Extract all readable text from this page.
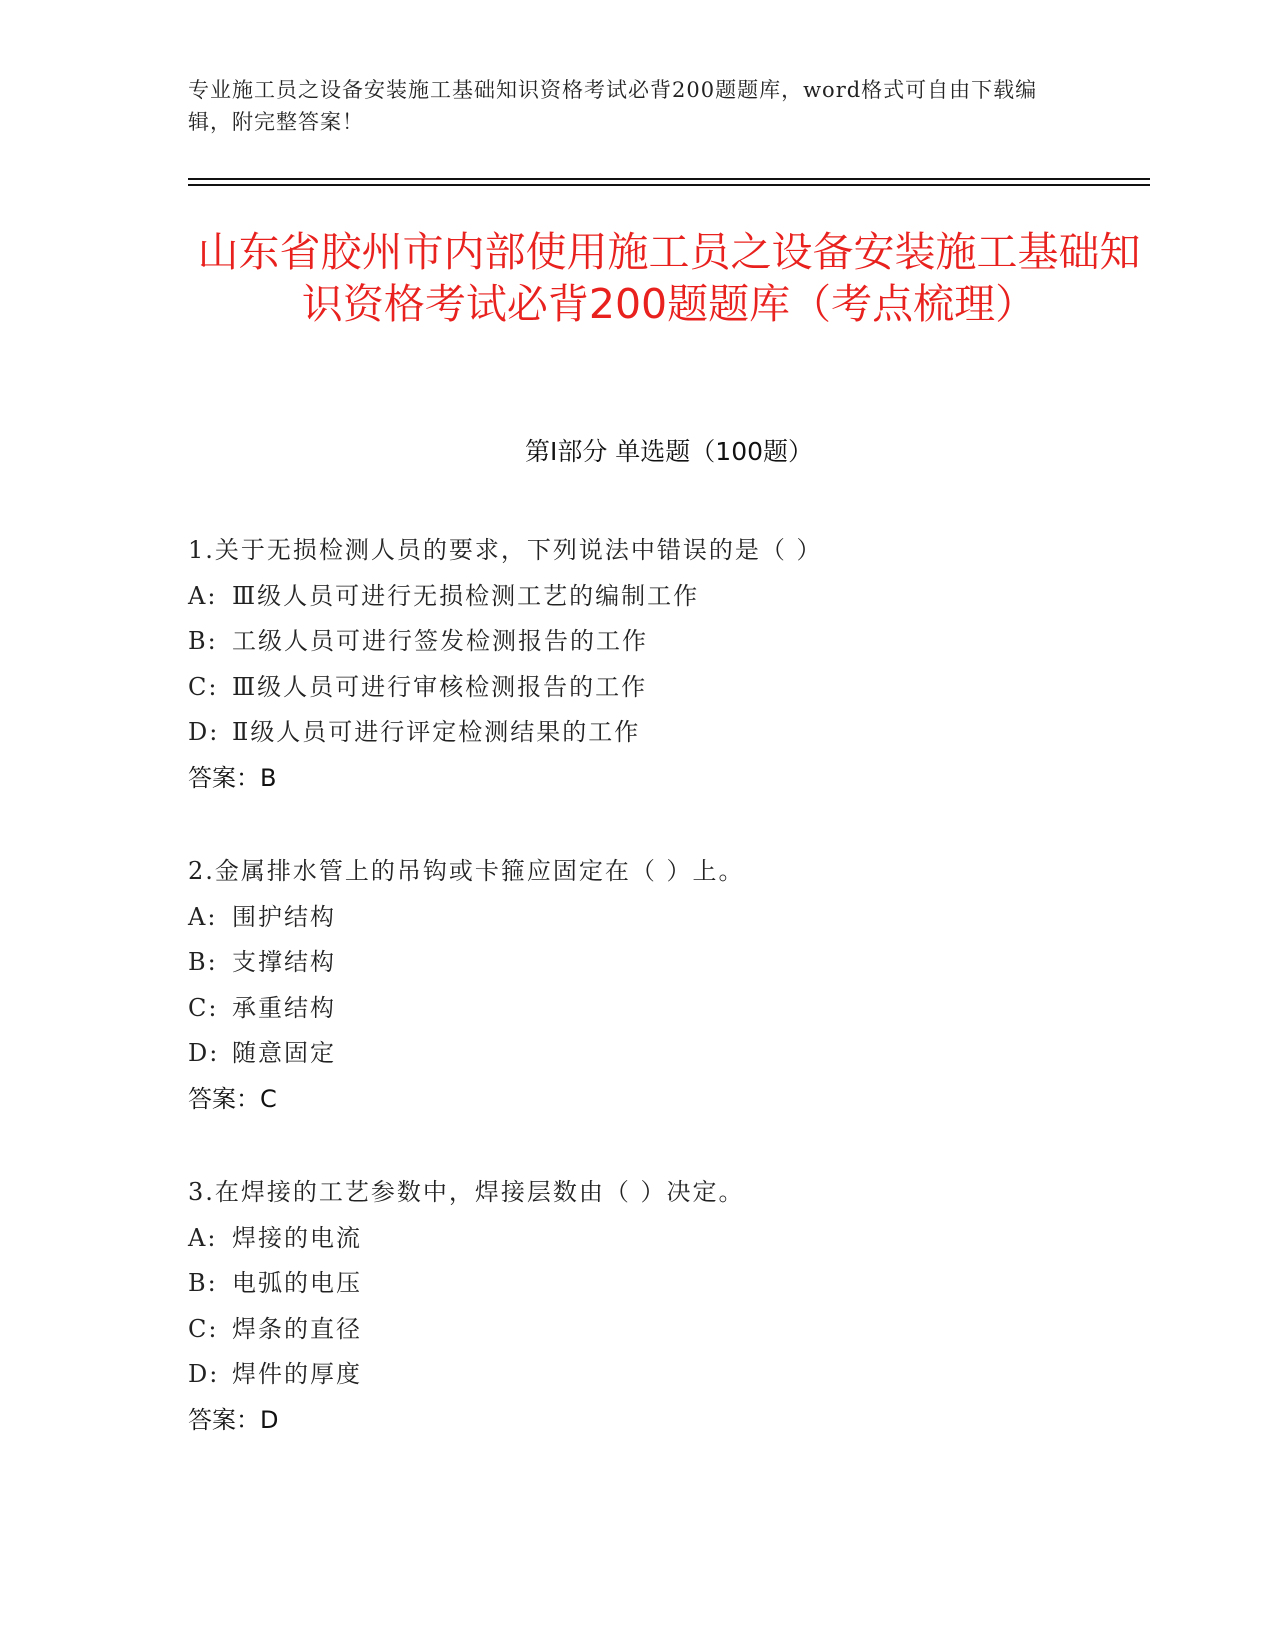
专业施工员之设备安装施工基础知识资格考试必背200题题库，word格式可自由下载编辑，附完整答案！
山东省胶州市内部使用施工员之设备安装施工基础知识资格考试必背200题题库（考点梳理）
第Ⅰ部分 单选题（100题）
1.关于无损检测人员的要求，下列说法中错误的是（ ）
A: Ⅲ级人员可进行无损检测工艺的编制工作
B: 工级人员可进行签发检测报告的工作
C: Ⅲ级人员可进行审核检测报告的工作
D: Ⅱ级人员可进行评定检测结果的工作
答案：B
2.金属排水管上的吊钩或卡箍应固定在（ ）上。
A: 围护结构
B: 支撑结构
C: 承重结构
D: 随意固定
答案：C
3.在焊接的工艺参数中，焊接层数由（ ）决定。
A: 焊接的电流
B: 电弧的电压
C: 焊条的直径
D: 焊件的厚度
答案：D
